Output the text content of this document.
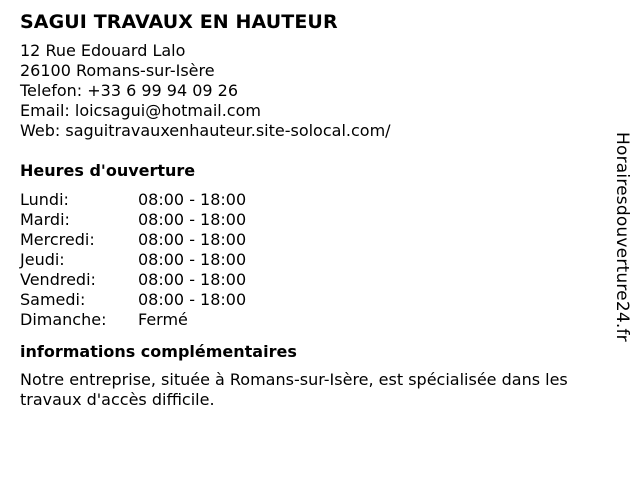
SAGUI TRAVAUX EN HAUTEUR
12 Rue Edouard Lalo
26100 Romans-sur-Isère
Telefon: +33 6 99 94 09 26
Email: loicsagui@hotmail.com
Web: saguitravauxenhauteur.site-solocal.com/
Heures d'ouverture
Lundi:	08:00 - 18:00
Mardi:	08:00 - 18:00
Mercredi:	08:00 - 18:00
Jeudi:	08:00 - 18:00
Vendredi:	08:00 - 18:00
Samedi:	08:00 - 18:00
Dimanche:	Fermé
informations complémentaires

Notre entreprise, située à Romans-sur-Isère, est spécialisée dans les travaux d'accès difficile.

Horairesdouverture24.fr
